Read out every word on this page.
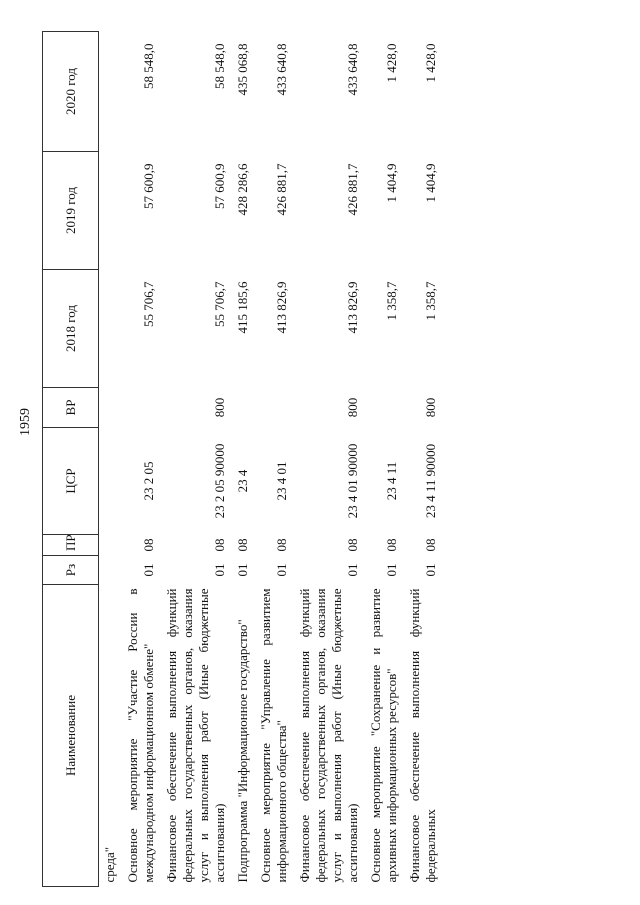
1959
Наименование	Рз	ПР	ЦСР	ВР	2018 год	2019 год	2020 год
среда"							
Основное мероприятие "Участие России в международном информационном обмене"	01	08	23 2 05		55 706,7	57 600,9	58 548,0
Финансовое обеспечение выполнения функций федеральных государственных органов, оказания услуг и выполнения работ (Иные бюджетные ассигнования)	01	08	23 2 05 90000	800	55 706,7	57 600,9	58 548,0
Подпрограмма "Информационное государство"	01	08	23 4		415 185,6	428 286,6	435 068,8
Основное мероприятие "Управление развитием информационного общества"	01	08	23 4 01		413 826,9	426 881,7	433 640,8
Финансовое обеспечение выполнения функций федеральных государственных органов, оказания услуг и выполнения работ (Иные бюджетные ассигнования)	01	08	23 4 01 90000	800	413 826,9	426 881,7	433 640,8
Основное мероприятие "Сохранение и развитие архивных информационных ресурсов"	01	08	23 4 11		1 358,7	1 404,9	1 428,0
Финансовое обеспечение выполнения функций федеральных	01	08	23 4 11 90000	800	1 358,7	1 404,9	1 428,0
